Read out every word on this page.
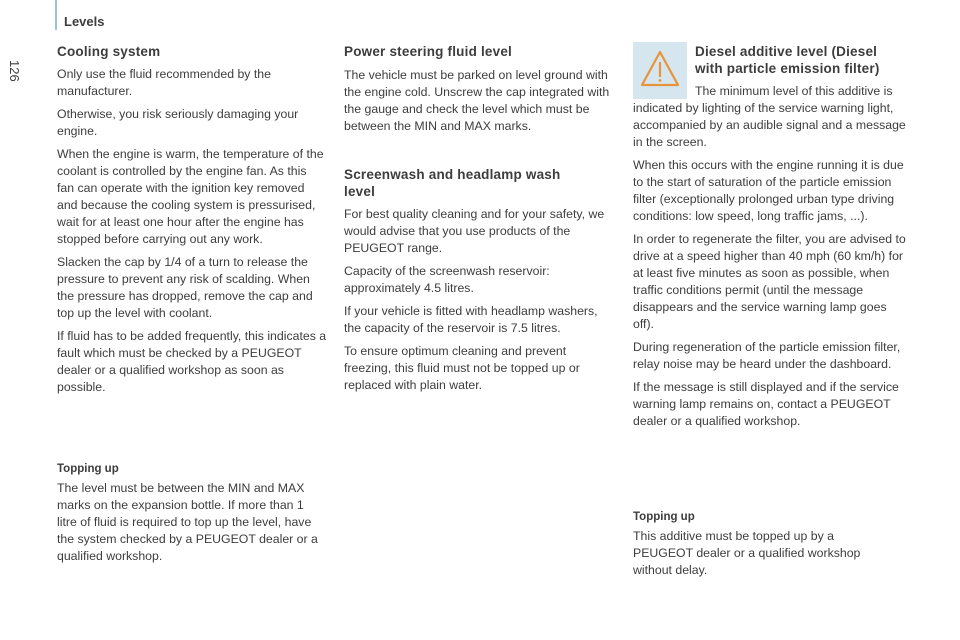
Levels
126
Cooling system

Only use the fluid recommended by the manufacturer.

Otherwise, you risk seriously damaging your engine.

When the engine is warm, the temperature of the coolant is controlled by the engine fan. As this fan can operate with the ignition key removed and because the cooling system is pressurised, wait for at least one hour after the engine has stopped before carrying out any work.

Slacken the cap by 1/4 of a turn to release the pressure to prevent any risk of scalding. When the pressure has dropped, remove the cap and top up the level with coolant.

If fluid has to be added frequently, this indicates a fault which must be checked by a PEUGEOT dealer or a qualified workshop as soon as possible.

Topping up

The level must be between the MIN and MAX marks on the expansion bottle. If more than 1 litre of fluid is required to top up the level, have the system checked by a PEUGEOT dealer or a qualified workshop.

Power steering fluid level

The vehicle must be parked on level ground with the engine cold. Unscrew the cap integrated with the gauge and check the level which must be between the MIN and MAX marks.

Screenwash and headlamp wash level

For best quality cleaning and for your safety, we would advise that you use products of the PEUGEOT range.

Capacity of the screenwash reservoir: approximately 4.5 litres.

If your vehicle is fitted with headlamp washers, the capacity of the reservoir is 7.5 litres.

To ensure optimum cleaning and prevent freezing, this fluid must not be topped up or replaced with plain water.

Diesel additive level (Diesel with particle emission filter)

The minimum level of this additive is indicated by lighting of the service warning light, accompanied by an audible signal and a message in the screen.

When this occurs with the engine running it is due to the start of saturation of the particle emission filter (exceptionally prolonged urban type driving conditions: low speed, long traffic jams, ...).

In order to regenerate the filter, you are advised to drive at a speed higher than 40 mph (60 km/h) for at least five minutes as soon as possible, when traffic conditions permit (until the message disappears and the service warning lamp goes off).

During regeneration of the particle emission filter, relay noise may be heard under the dashboard.

If the message is still displayed and if the service warning lamp remains on, contact a PEUGEOT dealer or a qualified workshop.

Topping up

This additive must be topped up by a PEUGEOT dealer or a qualified workshop without delay.
